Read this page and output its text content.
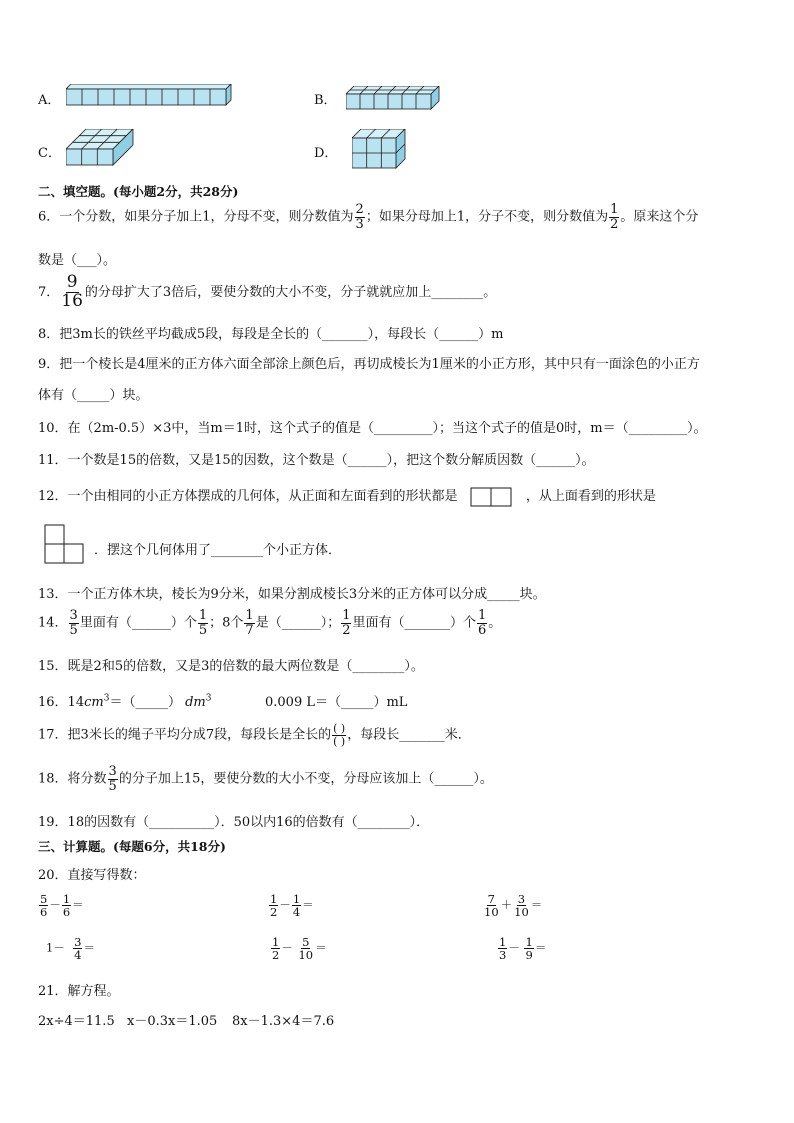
A．	B．
C．	D．
二、填空题。(每小题2分，共28分)
6．一个分数，如果分子加上1，分母不变，则分数值为 $\frac{2}{3}$ ；如果分母加上1，分子不变，则分数值为 $\frac{1}{2}$ 。原来这个分
数是（___）。
7． $\frac{9}{16}$ 的分母扩大了3倍后，要使分数的大小不变，分子就就应加上________。
8．把3m长的铁丝平均截成5段，每段是全长的（_______），每段长（______）m
9．把一个棱长是4厘米的正方体六面全部涂上颜色后，再切成棱长为1厘米的小正方形，其中只有一面涂色的小正方
体有（_____）块。
10．在（2m-0.5）×3中，当m＝1时，这个式子的值是（_________）；当这个式子的值是0时，m＝（_________）。
11．一个数是15的倍数，又是15的因数，这个数是（______），把这个数分解质因数（______）。
12．一个由相同的小正方体摆成的几何体，从正面和左面看到的形状都是	，从上面看到的形状是
．摆这个几何体用了________个小正方体．
13．一个正方体木块，棱长为9分米，如果分割成棱长3分米的正方体可以分成_____块。
14． $\frac{3}{5}$ 里面有（______）个 $\frac{1}{5}$ ；8个 $\frac{1}{7}$ 是（______）； $\frac{1}{2}$ 里面有（_______）个 $\frac{1}{6}$ 。
15．既是2和5的倍数，又是3的倍数的最大两位数是（________）。
16．$14cm^3=(\_\_\_\_\_)$ $dm^3$	0.009 L＝（_____）mL
17．把3米长的绳子平均分成7段，每段长是全长的 $\frac{( )}{( )}$ ，每段长_______米．
18．将分数 $\frac{3}{5}$ 的分子加上15，要使分数的大小不变，分母应该加上（______）。
19．18的因数有（__________）．50以内16的倍数有（________）．
三、计算题。(每题6分，共18分)
20．直接写得数：
$\frac{5}{6} - \frac{1}{6}$ ＝	$\frac{1}{2} - \frac{1}{4}$ ＝	$\frac{7}{10} + \frac{3}{10}$ ＝
$1- \frac{3}{4}$ ＝	$\frac{1}{2} - \frac{5}{10}$ ＝	$\frac{1}{3} - \frac{1}{9}$ ＝
21．解方程。
2x÷4＝11.5 x－0.3x＝1.05 8x－1.3×4＝7.6
